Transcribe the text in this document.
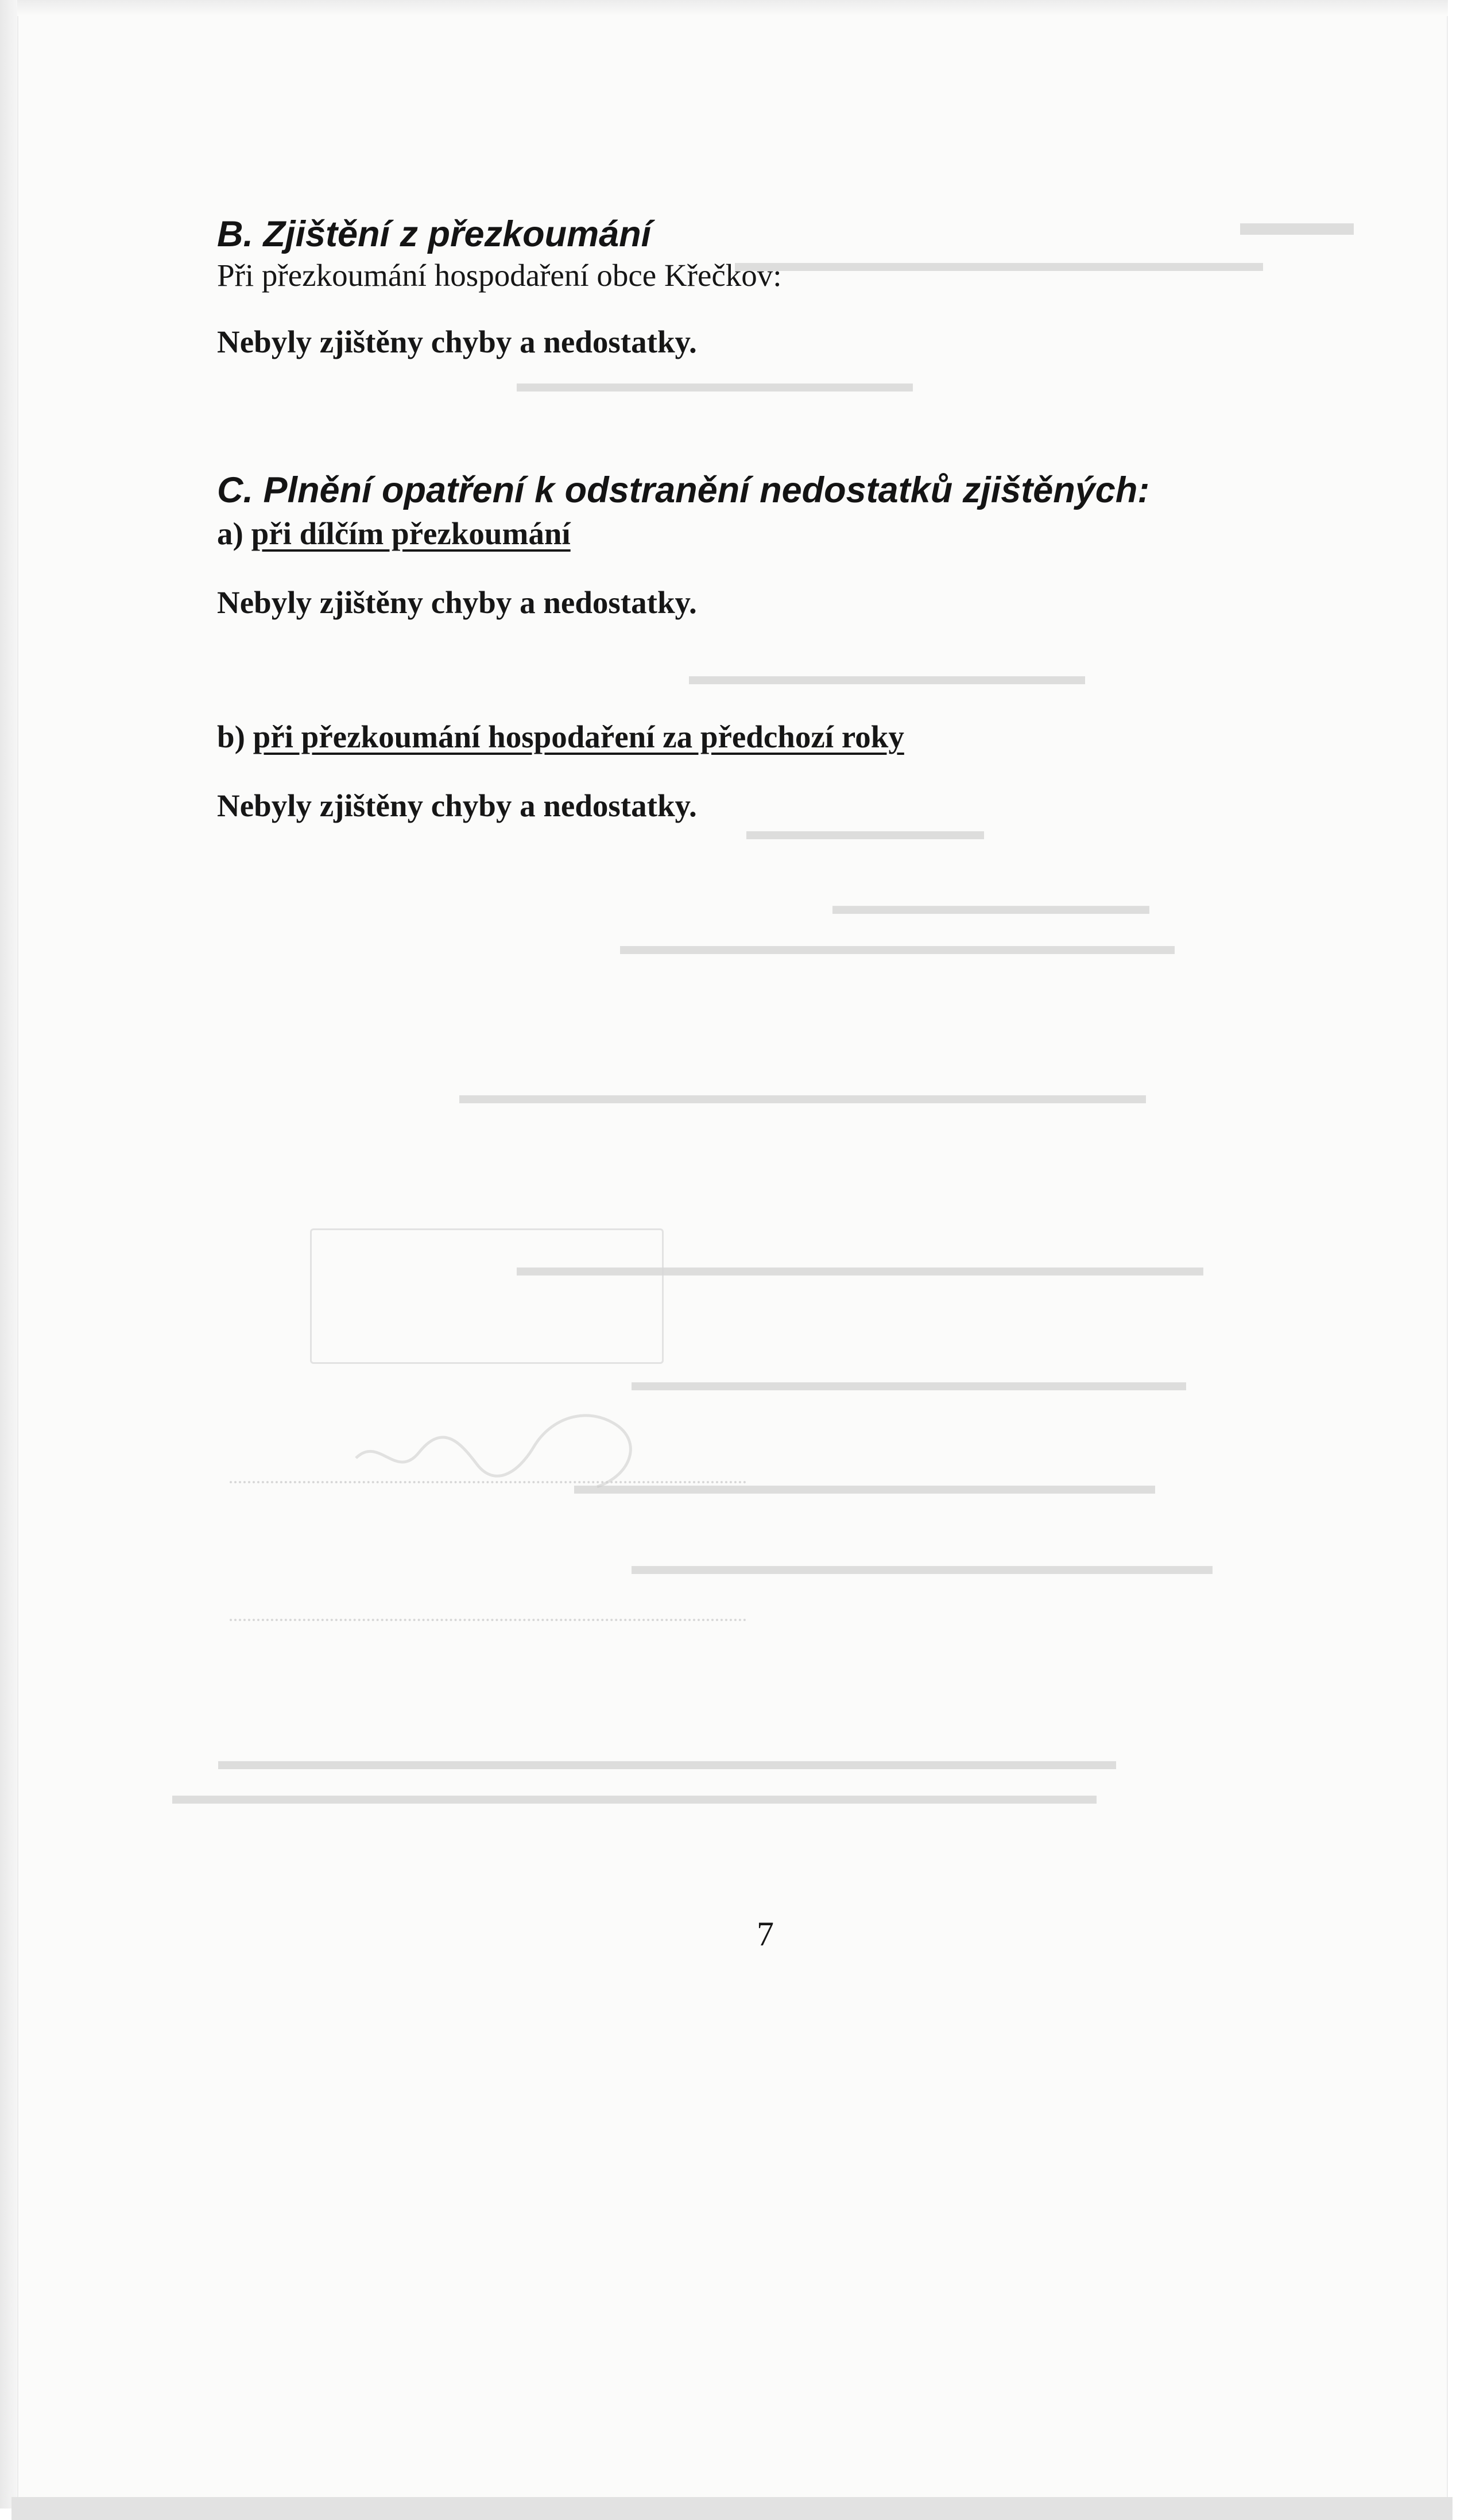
▬▬▬
▬▬▬▬▬▬▬▬▬▬▬▬▬▬▬▬▬▬▬▬
▬▬▬▬▬▬▬▬▬▬▬▬▬▬▬
▬▬▬▬▬▬▬▬▬▬▬▬▬▬▬
▬▬▬▬▬▬▬▬▬
▬▬▬▬▬▬▬▬▬▬▬▬
▬▬▬▬▬▬▬▬▬▬▬▬▬▬▬▬▬▬▬▬▬
▬▬▬▬▬▬▬▬▬▬▬▬▬▬▬▬▬▬▬▬▬▬▬▬▬▬
▬▬▬▬▬▬▬▬▬▬▬▬▬▬▬▬▬▬▬▬▬▬▬▬▬▬
▬▬▬▬▬▬▬▬▬▬▬▬▬▬▬▬▬▬▬▬▬
▬▬▬▬▬▬▬▬▬▬▬▬▬▬▬▬▬▬▬▬▬▬
▬▬▬▬▬▬▬▬▬▬▬▬▬▬▬▬▬▬▬▬▬▬
▬▬▬▬▬▬▬▬▬▬▬▬▬▬▬▬▬▬▬▬▬▬▬▬▬▬▬▬▬▬▬▬▬▬
▬▬▬▬▬▬▬▬▬▬▬▬▬▬▬▬▬▬▬▬▬▬▬▬▬▬▬▬▬▬▬▬▬▬▬
B. Zjištění z přezkoumání

Při přezkoumání hospodaření obce Křečkov:

Nebyly zjištěny chyby a nedostatky.

C. Plnění opatření k odstranění nedostatků zjištěných:

a) při dílčím přezkoumání

Nebyly zjištěny chyby a nedostatky.

b) při přezkoumání hospodaření za předchozí roky

Nebyly zjištěny chyby a nedostatky.

7
